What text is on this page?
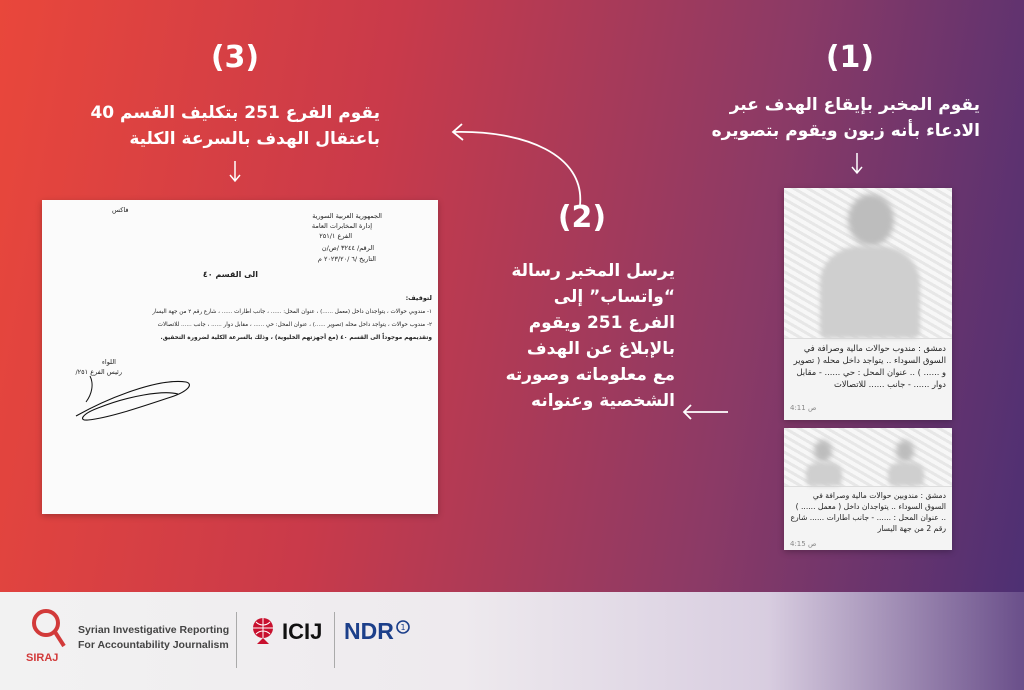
(1)
يقوم المخبر بإيقاع الهدف عبر الادعاء بأنه زبون ويقوم بتصويره
(2)
يرسل المخبر رسالة “واتساب” إلى الفرع 251 ويقوم بالإبلاغ عن الهدف مع معلوماته وصورته الشخصية وعنوانه
(3)
يقوم الفرع 251 بتكليف القسم 40 باعتقال الهدف بالسرعة الكلية
فاكس
الجمهورية العربية السورية
إدارة المخابرات العامة
الفرع ٢٥١/١
الرقم/ ٣٢٤٤ /ص/ن
التاريخ /٦ /٢٠٢٣/٢٠ م
الى القسم ٤٠
لتوقيف:
١- مندوبي حوالات ، يتواجدان داخل (معمل ......) ، عنوان المحل: ...... ، جانب اطارات ...... ، شارع رقم ٢ من جهة اليسار
٢- مندوب حوالات ، يتواجد داخل محله (تصوير ......) ، عنوان المحل: حي ...... ، مقابل دوار ...... ، جانب ...... للاتصالات
وتقديمهم موجوداً الى القسم ٤٠ (مع أجهزتهم الخليوية) ، وذلك بالسرعة الكلية لضرورة التحقيق.
اللواء
رئيس الفرع ٢٥١/
دمشق : مندوب حوالات مالية وصرافة في السوق السوداء .. يتواجد داخل محله ( تصوير و ...... ) .. عنوان المحل : حي ...... - مقابل دوار ...... - جانب ...... للاتصالات
4:11 ص
دمشق : مندوبين حوالات مالية وصرافة في السوق السوداء .. يتواجدان داخل ( معمل ...... ) .. عنوان المحل : ...... - جانب اطارات ...... شارع رقم 2 من جهة اليسار
4:15 ص
SIRAJ
Syrian Investigative Reporting
For Accountability Journalism
ICIJ NDR 1
